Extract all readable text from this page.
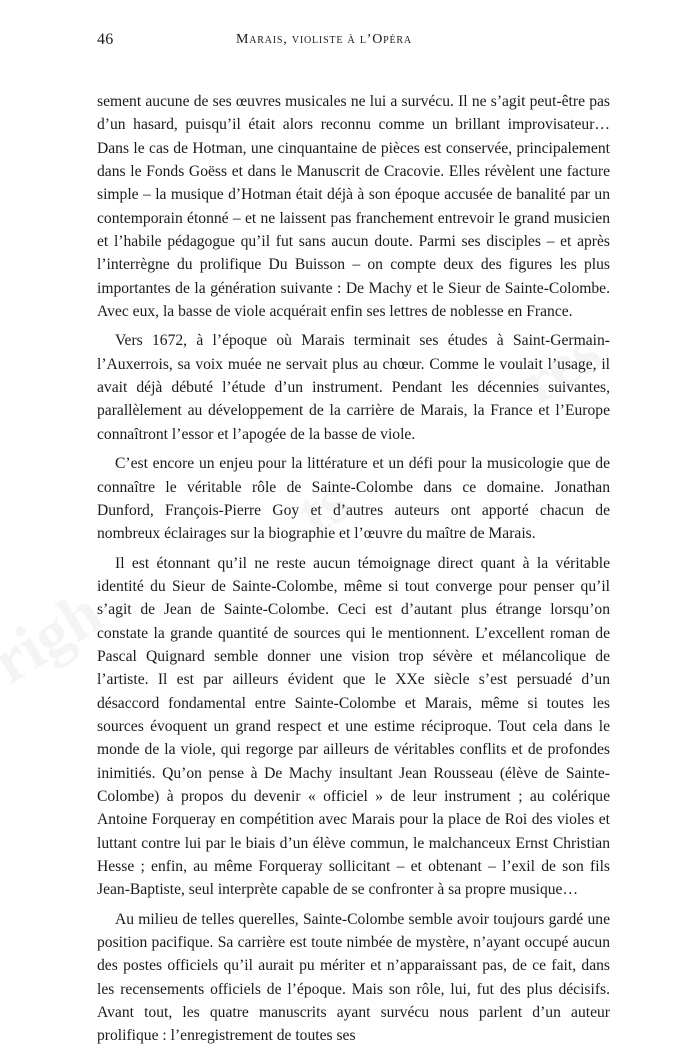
46	Marais, violiste à l’Opéra

sement aucune de ses œuvres musicales ne lui a survécu. Il ne s’agit peut-être pas d’un hasard, puisqu’il était alors reconnu comme un brillant improvisateur… Dans le cas de Hotman, une cinquantaine de pièces est conservée, principalement dans le Fonds Goëss et dans le Manuscrit de Cracovie. Elles révèlent une facture simple – la musique d’Hotman était déjà à son époque accusée de banalité par un contemporain étonné – et ne laissent pas franchement entrevoir le grand musicien et l’habile pédagogue qu’il fut sans aucun doute. Parmi ses disciples – et après l’interrègne du prolifique Du Buisson – on compte deux des figures les plus importantes de la génération suivante : De Machy et le Sieur de Sainte-Colombe. Avec eux, la basse de viole acquérait enfin ses lettres de noblesse en France.

Vers 1672, à l’époque où Marais terminait ses études à Saint-Germain-l’Auxerrois, sa voix muée ne servait plus au chœur. Comme le voulait l’usage, il avait déjà débuté l’étude d’un instrument. Pendant les décennies suivantes, parallèlement au développement de la carrière de Marais, la France et l’Europe connaîtront l’essor et l’apogée de la basse de viole.

C’est encore un enjeu pour la littérature et un défi pour la musicologie que de connaître le véritable rôle de Sainte-Colombe dans ce domaine. Jonathan Dunford, François-Pierre Goy et d’autres auteurs ont apporté chacun de nombreux éclairages sur la biographie et l’œuvre du maître de Marais.

Il est étonnant qu’il ne reste aucun témoignage direct quant à la véritable identité du Sieur de Sainte-Colombe, même si tout converge pour penser qu’il s’agit de Jean de Sainte-Colombe. Ceci est d’autant plus étrange lorsqu’on constate la grande quantité de sources qui le mentionnent. L’excellent roman de Pascal Quignard semble donner une vision trop sévère et mélancolique de l’artiste. Il est par ailleurs évident que le XXe siècle s’est persuadé d’un désaccord fondamental entre Sainte-Colombe et Marais, même si toutes les sources évoquent un grand respect et une estime réciproque. Tout cela dans le monde de la viole, qui regorge par ailleurs de véritables conflits et de profondes inimitiés. Qu’on pense à De Machy insultant Jean Rousseau (élève de Sainte-Colombe) à propos du devenir « officiel » de leur instrument ; au colérique Antoine Forqueray en compétition avec Marais pour la place de Roi des violes et luttant contre lui par le biais d’un élève commun, le malchanceux Ernst Christian Hesse ; enfin, au même Forqueray sollicitant – et obtenant – l’exil de son fils Jean-Baptiste, seul interprète capable de se confronter à sa propre musique…

Au milieu de telles querelles, Sainte-Colombe semble avoir toujours gardé une position pacifique. Sa carrière est toute nimbée de mystère, n’ayant occupé aucun des postes officiels qu’il aurait pu mériter et n’apparaissant pas, de ce fait, dans les recensements officiels de l’époque. Mais son rôle, lui, fut des plus décisifs. Avant tout, les quatre manuscrits ayant survécu nous parlent d’un auteur prolifique : l’enregistrement de toutes ses
